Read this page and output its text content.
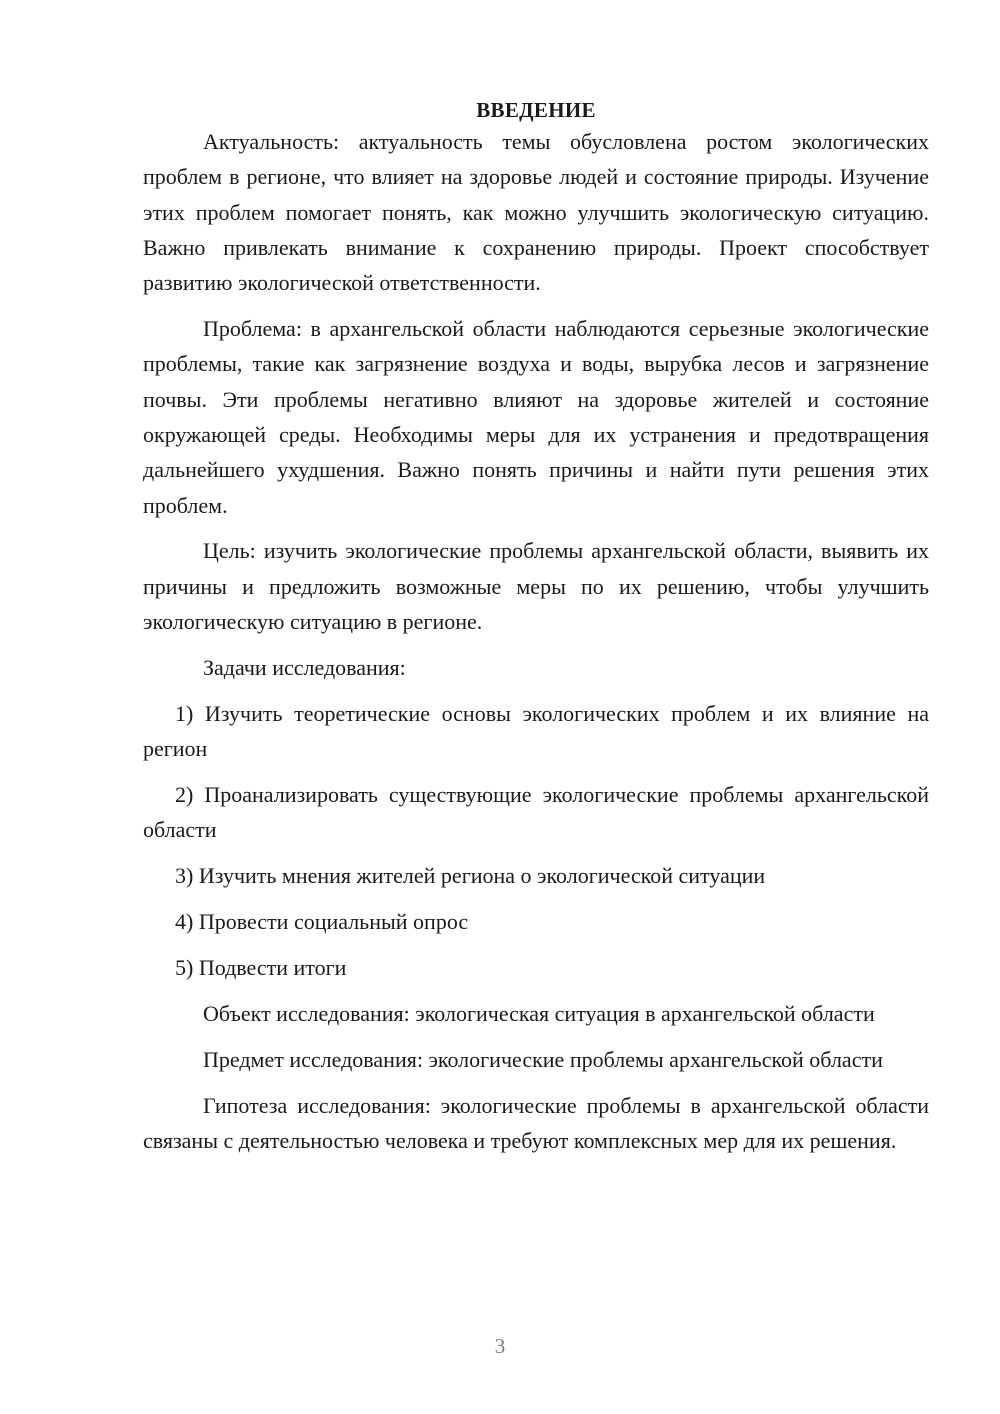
ВВЕДЕНИЕ

Актуальность: актуальность темы обусловлена ростом экологических проблем в регионе, что влияет на здоровье людей и состояние природы. Изучение этих проблем помогает понять, как можно улучшить экологическую ситуацию. Важно привлекать внимание к сохранению природы. Проект способствует развитию экологической ответственности.

Проблема: в архангельской области наблюдаются серьезные экологические проблемы, такие как загрязнение воздуха и воды, вырубка лесов и загрязнение почвы. Эти проблемы негативно влияют на здоровье жителей и состояние окружающей среды. Необходимы меры для их устранения и предотвращения дальнейшего ухудшения. Важно понять причины и найти пути решения этих проблем.

Цель: изучить экологические проблемы архангельской области, выявить их причины и предложить возможные меры по их решению, чтобы улучшить экологическую ситуацию в регионе.

Задачи исследования:

1) Изучить теоретические основы экологических проблем и их влияние на регион

2) Проанализировать существующие экологические проблемы архангельской области

3) Изучить мнения жителей региона о экологической ситуации

4) Провести социальный опрос

5) Подвести итоги

Объект исследования: экологическая ситуация в архангельской области

Предмет исследования: экологические проблемы архангельской области

Гипотеза исследования: экологические проблемы в архангельской области связаны с деятельностью человека и требуют комплексных мер для их решения.

3
